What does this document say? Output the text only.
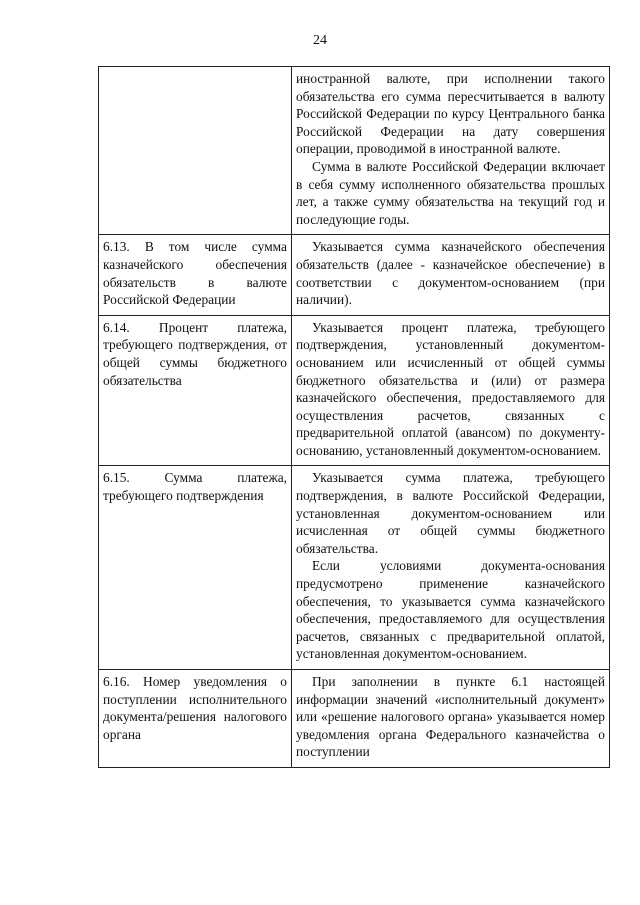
24

	иностранной валюте, при исполнении такого обязательства его сумма пересчитывается в валюту Российской Федерации по курсу Центрального банка Российской Федерации на дату совершения операции, проводимой в иностранной валюте.

Сумма в валюте Российской Федерации включает в себя сумму исполненного обязательства прошлых лет, а также сумму обязательства на текущий год и последующие годы.

6.13. В том числе сумма казначейского обеспечения обязательств в валюте Российской Федерации	Указывается сумма казначейского обеспечения обязательств (далее - казначейское обеспечение) в соответствии с документом-основанием (при наличии).

6.14. Процент платежа, требующего подтверждения, от общей суммы бюджетного обязательства	Указывается процент платежа, требующего подтверждения, установленный документом-основанием или исчисленный от общей суммы бюджетного обязательства и (или) от размера казначейского обеспечения, предоставляемого для осуществления расчетов, связанных с предварительной оплатой (авансом) по документу-основанию, установленный документом-основанием.

6.15. Сумма платежа, требующего подтверждения	Указывается сумма платежа, требующего подтверждения, в валюте Российской Федерации, установленная документом-основанием или исчисленная от общей суммы бюджетного обязательства.

Если условиями документа-основания предусмотрено применение казначейского обеспечения, то указывается сумма казначейского обеспечения, предоставляемого для осуществления расчетов, связанных с предварительной оплатой, установленная документом-основанием.

6.16. Номер уведомления о поступлении исполнительного документа/решения налогового органа	При заполнении в пункте 6.1 настоящей информации значений «исполнительный документ» или «решение налогового органа» указывается номер уведомления органа Федерального казначейства о поступлении
